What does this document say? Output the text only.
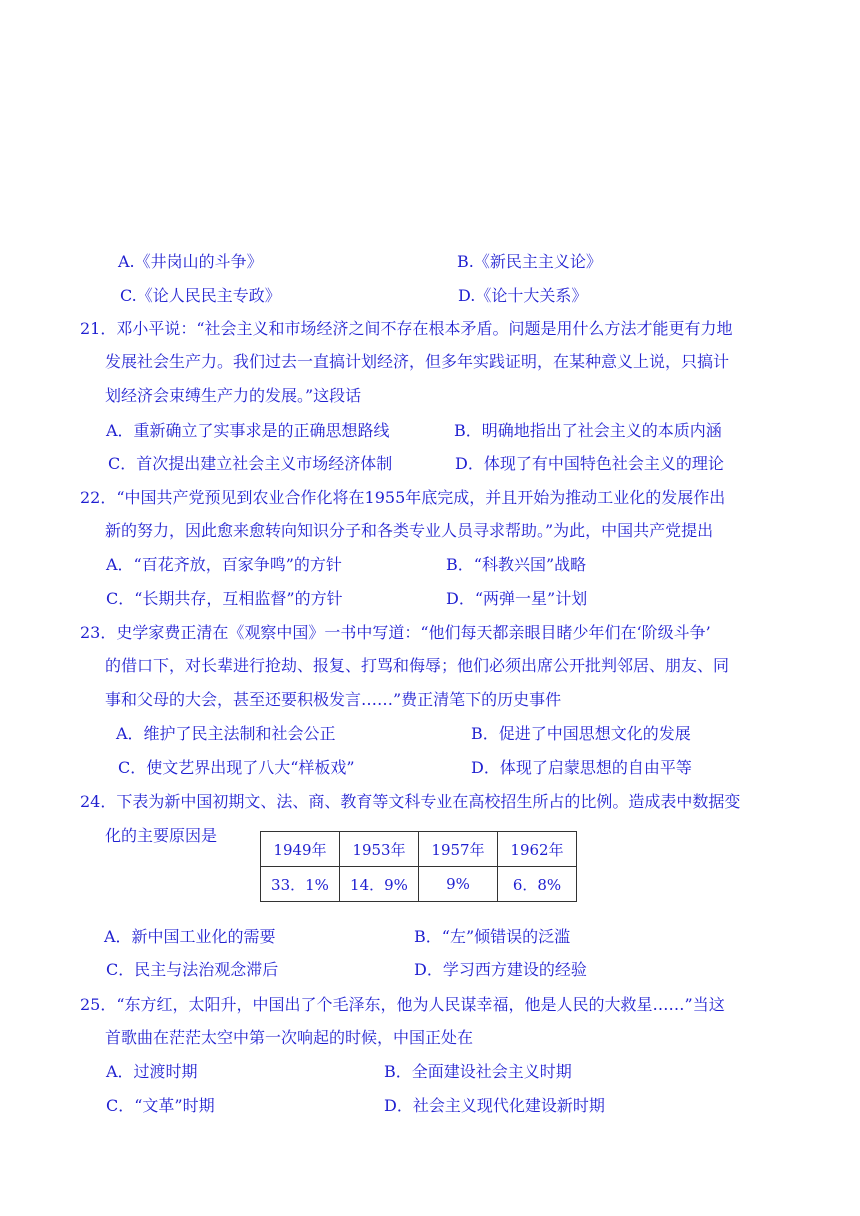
A.《井岗山的斗争》	B.《新民主主义论》
C.《论人民民主专政》	D.《论十大关系》
21．邓小平说：“社会主义和市场经济之间不存在根本矛盾。问题是用什么方法才能更有力地
发展社会生产力。我们过去一直搞计划经济，但多年实践证明，在某种意义上说，只搞计
划经济会束缚生产力的发展。”这段话
A．重新确立了实事求是的正确思想路线	B．明确地指出了社会主义的本质内涵
C．首次提出建立社会主义市场经济体制	D．体现了有中国特色社会主义的理论
22．“中国共产党预见到农业合作化将在1955年底完成，并且开始为推动工业化的发展作出
新的努力，因此愈来愈转向知识分子和各类专业人员寻求帮助。”为此，中国共产党提出
A．“百花齐放，百家争鸣”的方针	B．“科教兴国”战略
C．“长期共存，互相监督”的方针	D．“两弹一星”计划
23．史学家费正清在《观察中国》一书中写道：“他们每天都亲眼目睹少年们在‘阶级斗争’
的借口下，对长辈进行抢劫、报复、打骂和侮辱；他们必须出席公开批判邻居、朋友、同
事和父母的大会，甚至还要积极发言……”费正清笔下的历史事件
A．维护了民主法制和社会公正	B．促进了中国思想文化的发展
C．使文艺界出现了八大“样板戏”	D．体现了启蒙思想的自由平等
24．下表为新中国初期文、法、商、教育等文科专业在高校招生所占的比例。造成表中数据变
化的主要原因是
1949年	1953年	1957年	1962年
33．1%	14．9%	9%	6．8%
A．新中国工业化的需要	B．“左”倾错误的泛滥
C．民主与法治观念滞后	D．学习西方建设的经验
25．“东方红，太阳升，中国出了个毛泽东，他为人民谋幸福，他是人民的大救星……”当这
首歌曲在茫茫太空中第一次响起的时候，中国正处在
A．过渡时期	B．全面建设社会主义时期
C．“文革”时期	D．社会主义现代化建设新时期
